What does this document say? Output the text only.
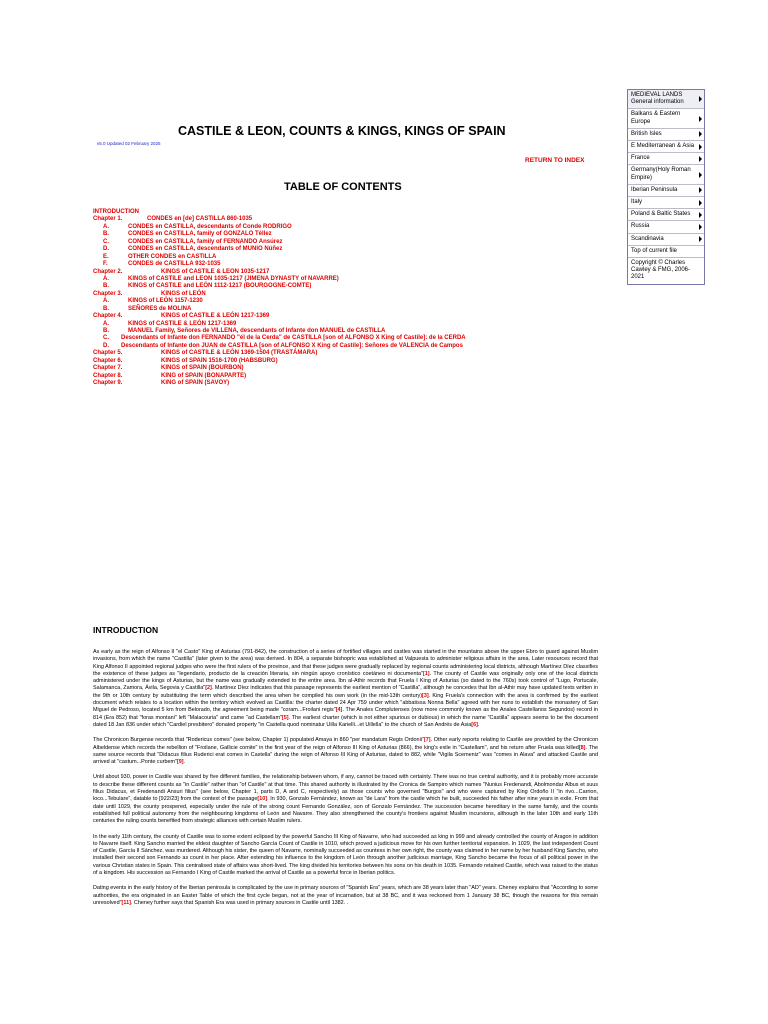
CASTILE & LEON, COUNTS & KINGS, KINGS OF SPAIN
v5.0 Updated 02 February 2025
RETURN TO INDEX
TABLE OF CONTENTS
INTRODUCTION
Chapter 1.	CONDES en [de] CASTILLA 860-1035
A.	CONDES en CASTILLA, descendants of Conde RODRIGO
B.	CONDES en CASTILLA, family of GONZALO Téllez
C.	CONDES en CASTILLA, family of FERNANDO Ansúrez
D.	CONDES en CASTILLA, descendants of MUNIO Núñez
E.	OTHER CONDES en CASTILLA
F.	CONDES de CASTILLA 932-1035
Chapter 2.	KINGS of CASTILE & LEON 1035-1217
A.	KINGS of CASTILE and LEON 1035-1217 (JIMENA DYNASTY of NAVARRE)
B.	KINGS of CASTILE and LEÓN 1112-1217 (BOURGOGNE-COMTE)
Chapter 3.	KINGS of LEÓN
A.	KINGS of LEÓN 1157-1230
B.	SEÑORES de MOLINA
Chapter 4.	KINGS of CASTILE & LEÓN 1217-1369
A.	KINGS of CASTILE & LEÓN 1217-1369
B.	MANUEL Family, Señores de VILLENA, descendants of Infante don MANUEL de CASTILLA
C. Descendants of Infante don FERNANDO "él de la Cerda" de CASTILLA [son of ALFONSO X King of Castile]: de la CERDA
D. Descendants of Infante don JUAN de CASTILLA [son of ALFONSO X King of Castile]: Señores de VALENCIA de Campos
Chapter 5.	KINGS of CASTILE & LEÓN 1369-1504 (TRASTÁMARA)
Chapter 6.	KINGS of SPAIN 1516-1700 (HABSBURG)
Chapter 7.	KINGS of SPAIN (BOURBON)
Chapter 8.	KING of SPAIN (BONAPARTE)
Chapter 9.	KING of SPAIN (SAVOY)
INTRODUCTION

As early as the reign of Alfonso II "el Casto" King of Asturias (791-842), the construction of a series of fortified villages and castles was started in the mountains above the upper Ebro to guard against Muslim invasions, from which the name "Castilla" (later given to the area) was derived. In 804, a separate bishopric was established at Valpuesta to administer religious affairs in the area. Later resources record that King Alfonso II appointed regional judges who were the first rulers of the province, and that these judges were gradually replaced by regional counts administering local districts, although Martínez Díez classifies the existence of these judges as "legendario, producto de la creación literaria, sin ningún apoyo cronístico coetáneo ni documenta"[1]. The county of Castile was originally only one of the local districts administered under the kings of Asturias, but the name was gradually extended to the entire area. Ibn al-Athir records that Fruela I King of Asturias (so dated to the 760s) took control of "Lugo, Portucale, Salamanca, Zamora, Ávila, Segovia y Castilla"[2]. Martínez Díez indicates that this passage represents the earliest mention of "Castilla", although he concedes that Ibn al-Athir may have updated texts written in the 9th or 10th century by substituting the term which described the area when he compiled his own work (in the mid-13th century)[3]. King Fruela's connection with the area is confirmed by the earliest document which relates to a location within the territory which evolved as Castilla: the charter dated 24 Apr 759 under which "abbatissa Nonna Bella" agreed with her nuns to establish the monastery of San Miguel de Pedroso, located 5 km from Belorado, the agreement being made "coram...Froilani regis"[4]. The Anales Complutenses (now more commonly known as the Anales Castellanos Segundos) record in 814 (Era 852) that "foras montani" left "Malacouria" and came "ad Castellam"[5]. The earliest charter (which is not either spurious or dubious) in which the name "Castilla" appears seems to be the document dated 18 Jan 836 under which "Cardiel presbitero" donated property "in Castella quod nominatur Uilla Karielli...et Uillella" to the church of San Andrés de Asia[6].

The Chronicon Burgense records that "Rodericus comes" (see below, Chapter 1) populated Amaya in 860 "per mandatum Regis Ordonii"[7]. Other early reports relating to Castile are provided by the Chronicon Albeldense which records the rebellion of "Froilane, Gallicie comite" in the first year of the reign of Alfonso III King of Asturias (866), the king's exile in "Castellam", and his return after Fruela was killed[8]. The same source records that "Didacus filius Ruderici erat comes in Castella" during the reign of Alfonso III King of Asturias, dated to 882, while "Vigila Scemeniz" was "comes in Alava" and attacked Castile and arrived at "castum...Ponte curbem"[9].

Until about 930, power in Castile was shared by five different families, the relationship between whom, if any, cannot be traced with certainty. There was no true central authority, and it is probably more accurate to describe these different counts as "in Castile" rather than "of Castile" at that time. This shared authority is illustrated by the Cronica de Sampiro which names "Nunius Fredenandi, Abolmondar Albus et suus filius Didacus, et Fredenandi Ansuri filius" (see below, Chapter 1, parts D, A and C, respectively) as those counts who governed "Burgos" and who were captured by King Ordoño II "in rivo...Carrion, loco...Tebulare", datable to [922/23] from the context of the passage[10]. In 930, Gonzalo Fernández, known as "de Lara" from the castle which he built, succeeded his father after nine years in exile. From that date until 1029, the county prospered, especially under the rule of the strong count Fernando González, son of Gonzalo Fernández. The succession became hereditary in the same family, and the counts established full political autonomy from the neighbouring kingdoms of León and Navarre. They also strengthened the county's frontiers against Muslim incursions, although in the later 10th and early 11th centuries the ruling counts benefited from strategic alliances with certain Muslim rulers.

In the early 11th century, the county of Castile was to some extent eclipsed by the powerful Sancho III King of Navarre, who had succeeded as king in 999 and already controlled the county of Aragon in addition to Navarre itself. King Sancho married the eldest daughter of Sancho García Count of Castile in 1010, which proved a judicious move for his own further territorial expansion. In 1029, the last independent Count of Castile, García II Sánchez, was murdered. Although his sister, the queen of Navarre, nominally succeeded as countess in her own right, the county was claimed in her name by her husband King Sancho, who installed their second son Fernando as count in her place. After extending his influence to the kingdom of León through another judicious marriage, King Sancho became the focus of all political power in the various Christian states in Spain. This centralised state of affairs was short-lived. The king divided his territories between his sons on his death in 1035. Fernando retained Castile, which was raised to the status of a kingdom. His succession as Fernando I King of Castile marked the arrival of Castile as a powerful force in Iberian politics.

Dating events in the early history of the Iberian peninsula is complicated by the use in primary sources of "Spanish Era" years, which are 38 years later than "AD" years. Cheney explains that "According to some authorities, the era originated in an Easter Table of which the first cycle began, not at the year of incarnation, but at 38 BC, and it was reckoned from 1 January 38 BC, though the reasons for this remain unresolved"[11]. Cheney further says that Spanish Era was used in primary sources in Castile until 1382. .

MEDIEVAL LANDS General information
Balkans & Eastern Europe
British Isles
E Mediterranean & Asia
France
Germany(Holy Roman Empire)
Iberian Peninsula
Italy
Poland & Baltic States
Russia
Scandinavia
Top of current file
Copyright © Charles Cawley & FMG, 2006-2021
